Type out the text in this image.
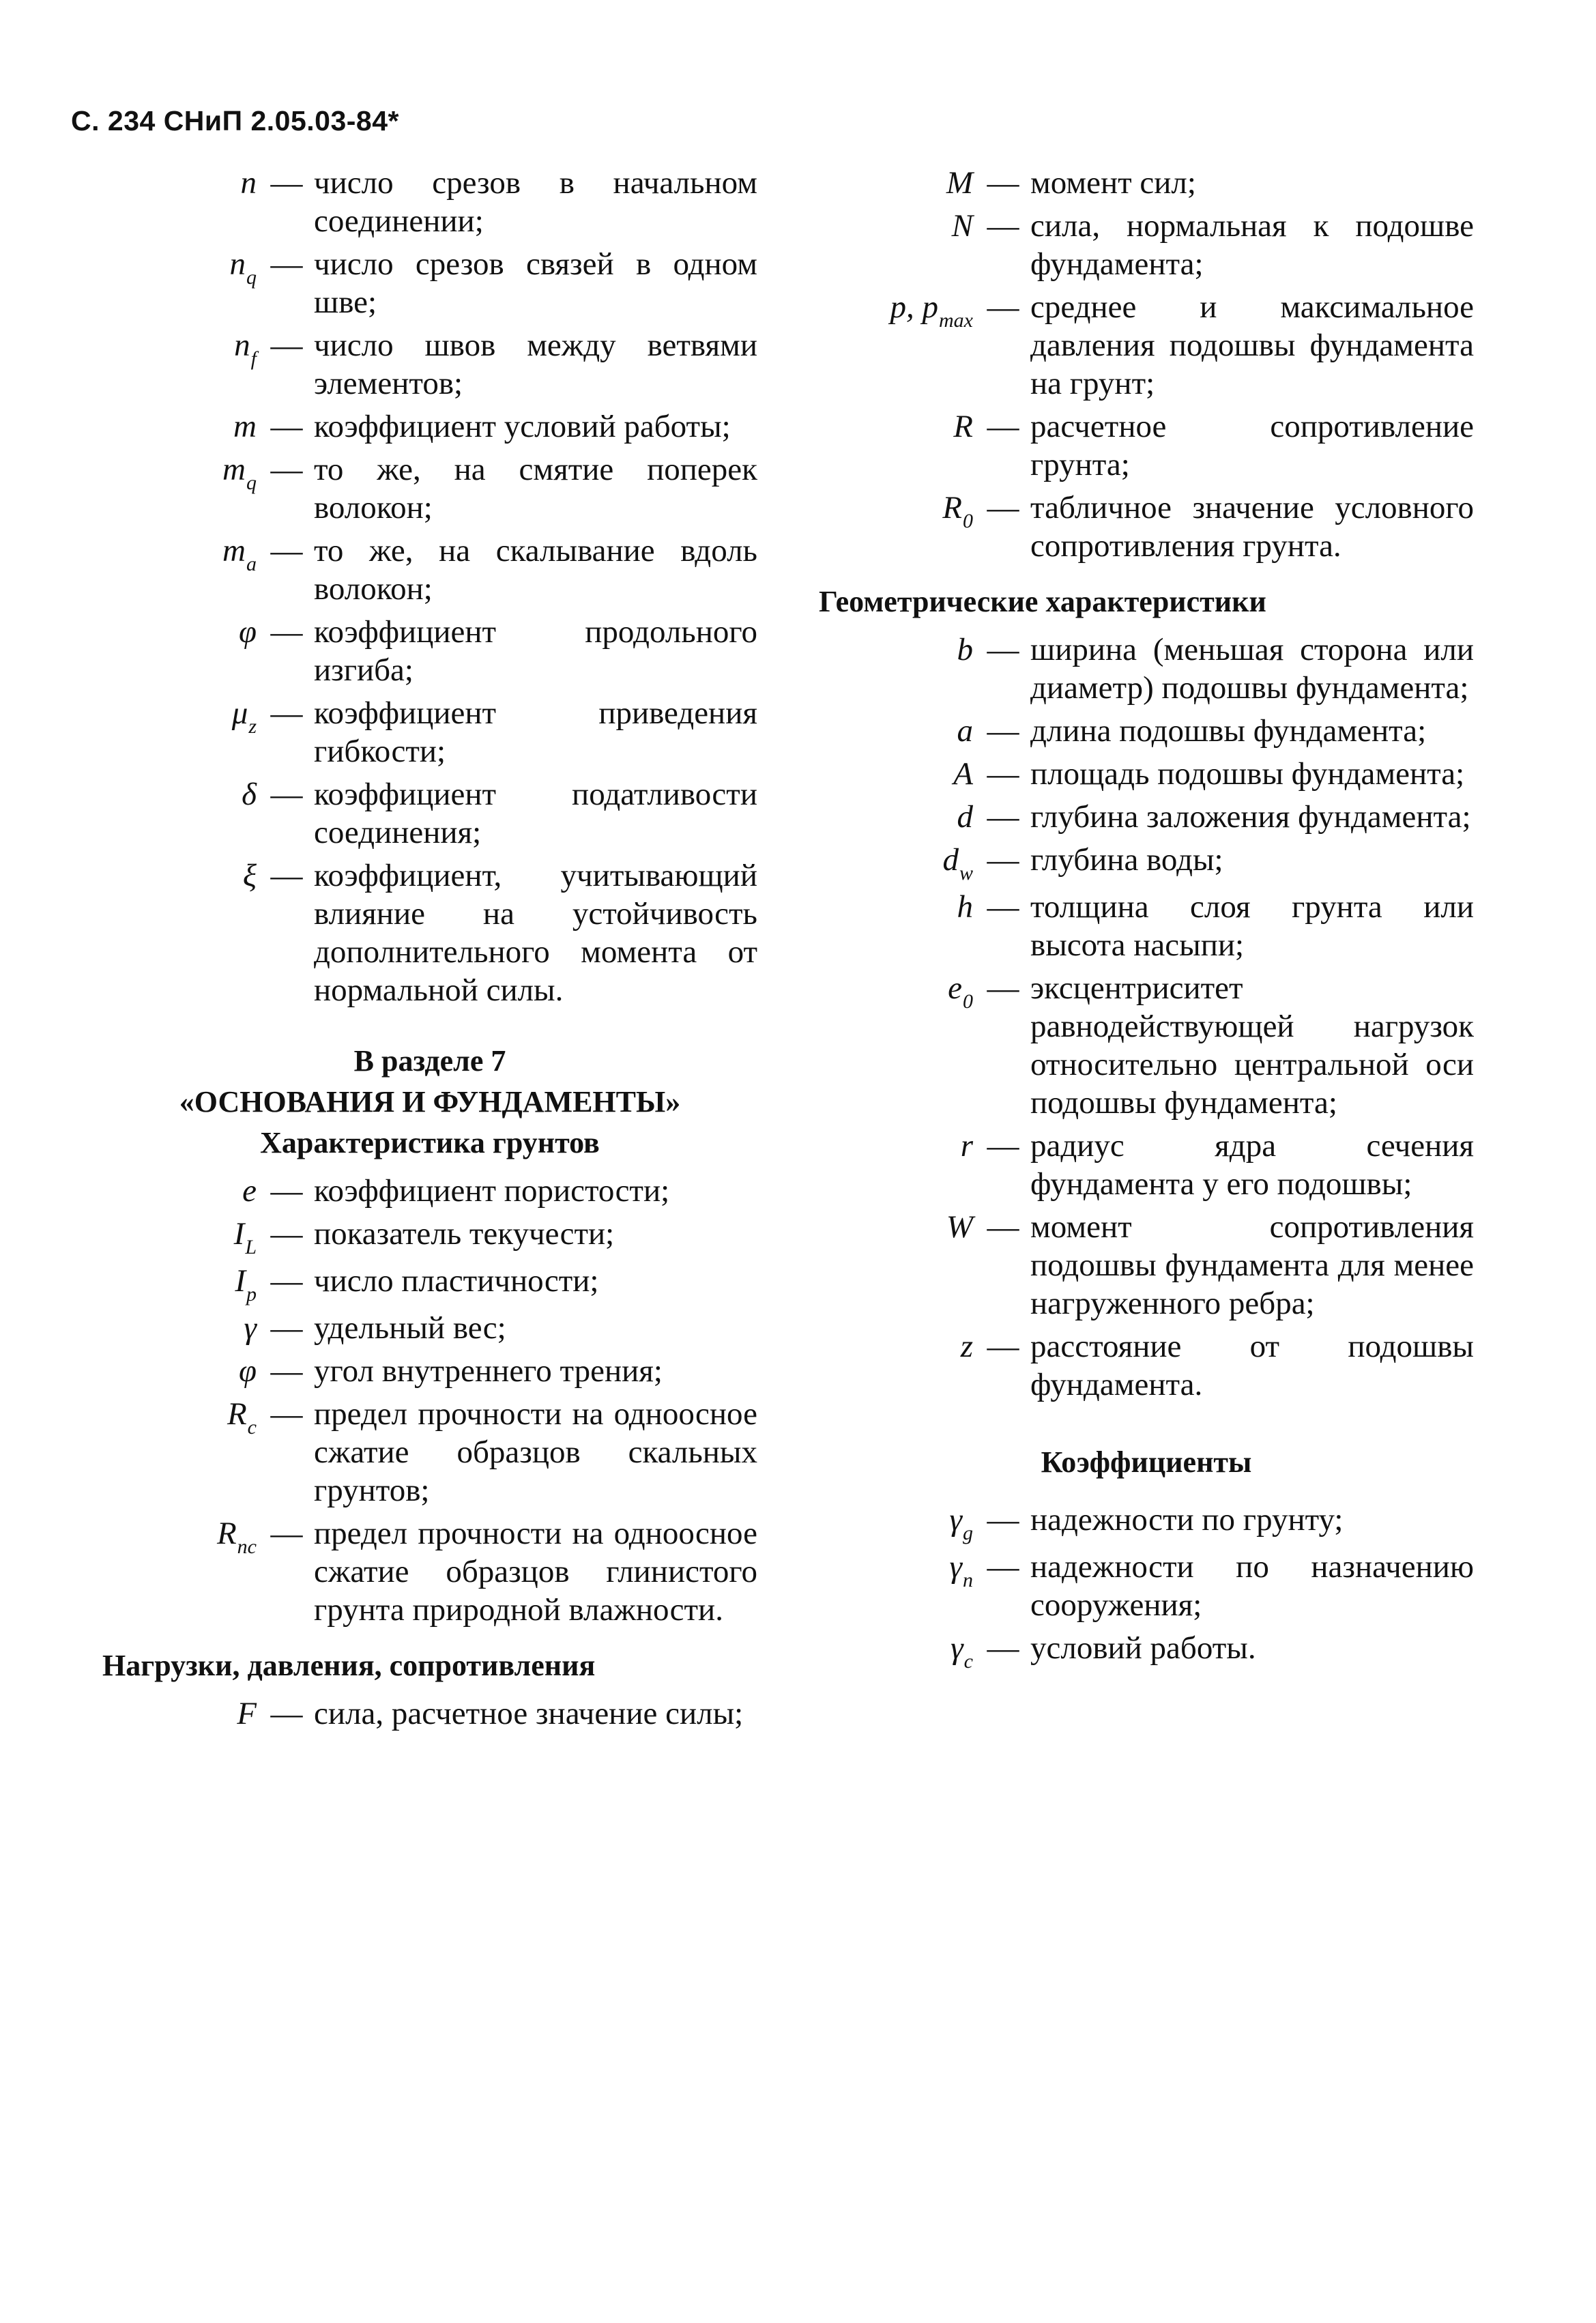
С. 234 СНиП 2.05.03-84*
n — число срезов в начальном соединении;
$n_q$ — число срезов связей в одном шве;
$n_f$ — число швов между ветвями элементов;
m — коэффициент условий работы;
$m_q$ — то же, на смятие поперек волокон;
$m_a$ — то же, на скалывание вдоль волокон;
φ — коэффициент продольного изгиба;
$\mu_z$ — коэффициент приведения гибкости;
δ — коэффициент податливости соединения;
ξ — коэффициент, учитывающий влияние на устойчивость дополнительного момента от нормальной силы.
В разделе 7
«ОСНОВАНИЯ И ФУНДАМЕНТЫ»
Характеристика грунтов
e — коэффициент пористости;
$I_L$ — показатель текучести;
$I_p$ — число пластичности;
γ — удельный вес;
φ — угол внутреннего трения;
$R_c$ — предел прочности на одноосное сжатие образцов скальных грунтов;
$R_{nc}$ — предел прочности на одноосное сжатие образцов глинистого грунта природной влажности.
Нагрузки, давления, сопротивления
F — сила, расчетное значение силы;
M — момент сил;
N — сила, нормальная к подошве фундамента;
p, $p_{max}$ — среднее и максимальное давления подошвы фундамента на грунт;
R — расчетное сопротивление грунта;
$R_0$ — табличное значение условного сопротивления грунта.
Геометрические характеристики
b — ширина (меньшая сторона или диаметр) подошвы фундамента;
a — длина подошвы фундамента;
A — площадь подошвы фундамента;
d — глубина заложения фундамента;
$d_w$ — глубина воды;
h — толщина слоя грунта или высота насыпи;
$e_0$ — эксцентриситет равнодействующей нагрузок относительно центральной оси подошвы фундамента;
r — радиус ядра сечения фундамента у его подошвы;
W — момент сопротивления подошвы фундамента для менее нагруженного ребра;
z — расстояние от подошвы фундамента.
Коэффициенты
$\gamma_g$ — надежности по грунту;
$\gamma_n$ — надежности по назначению сооружения;
$\gamma_c$ — условий работы.
